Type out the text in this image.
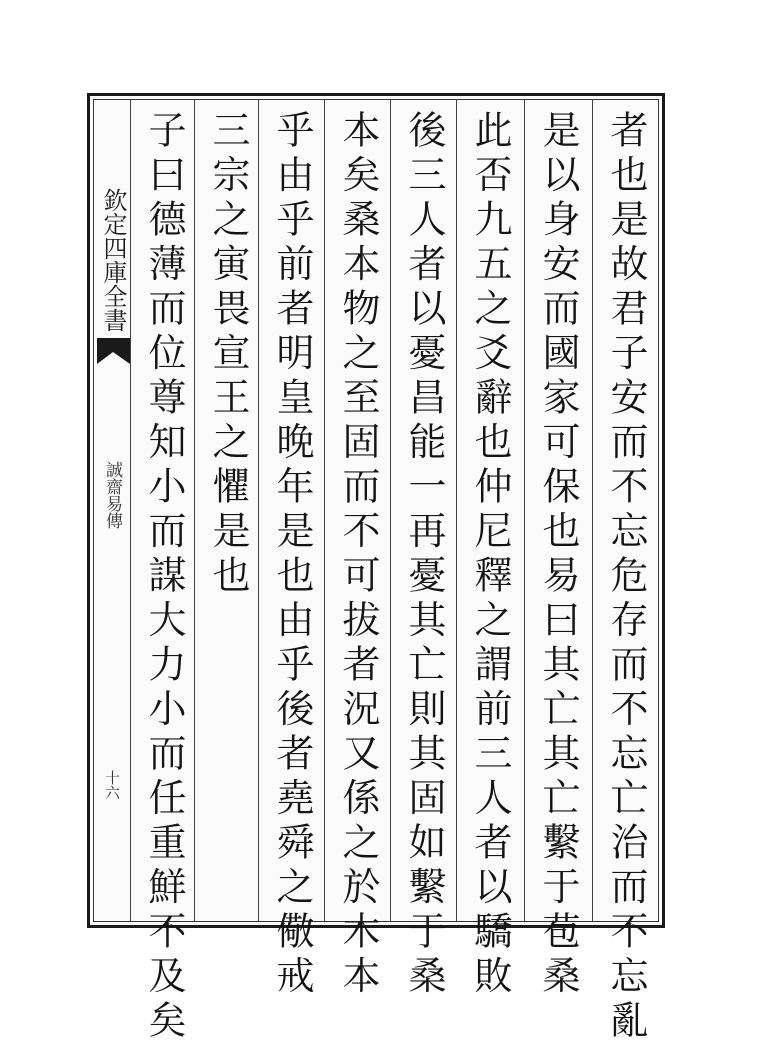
欽定四庫全書
誠齋易傳
十六	者也是故君子安而不忘危存而不忘亡治而不忘亂
是以身安而國家可保也易曰其亡其亡繫于苞桑
此否九五之爻辭也仲尼釋之謂前三人者以驕敗
後三人者以憂昌能一再憂其亡則其固如繫于桑
本矣桑本物之至固而不可拔者況又係之於木本
乎由乎前者明皇晚年是也由乎後者堯舜之儆戒
三宗之寅畏宣王之懼是也
子曰德薄而位尊知小而謀大力小而任重鮮不及矣
